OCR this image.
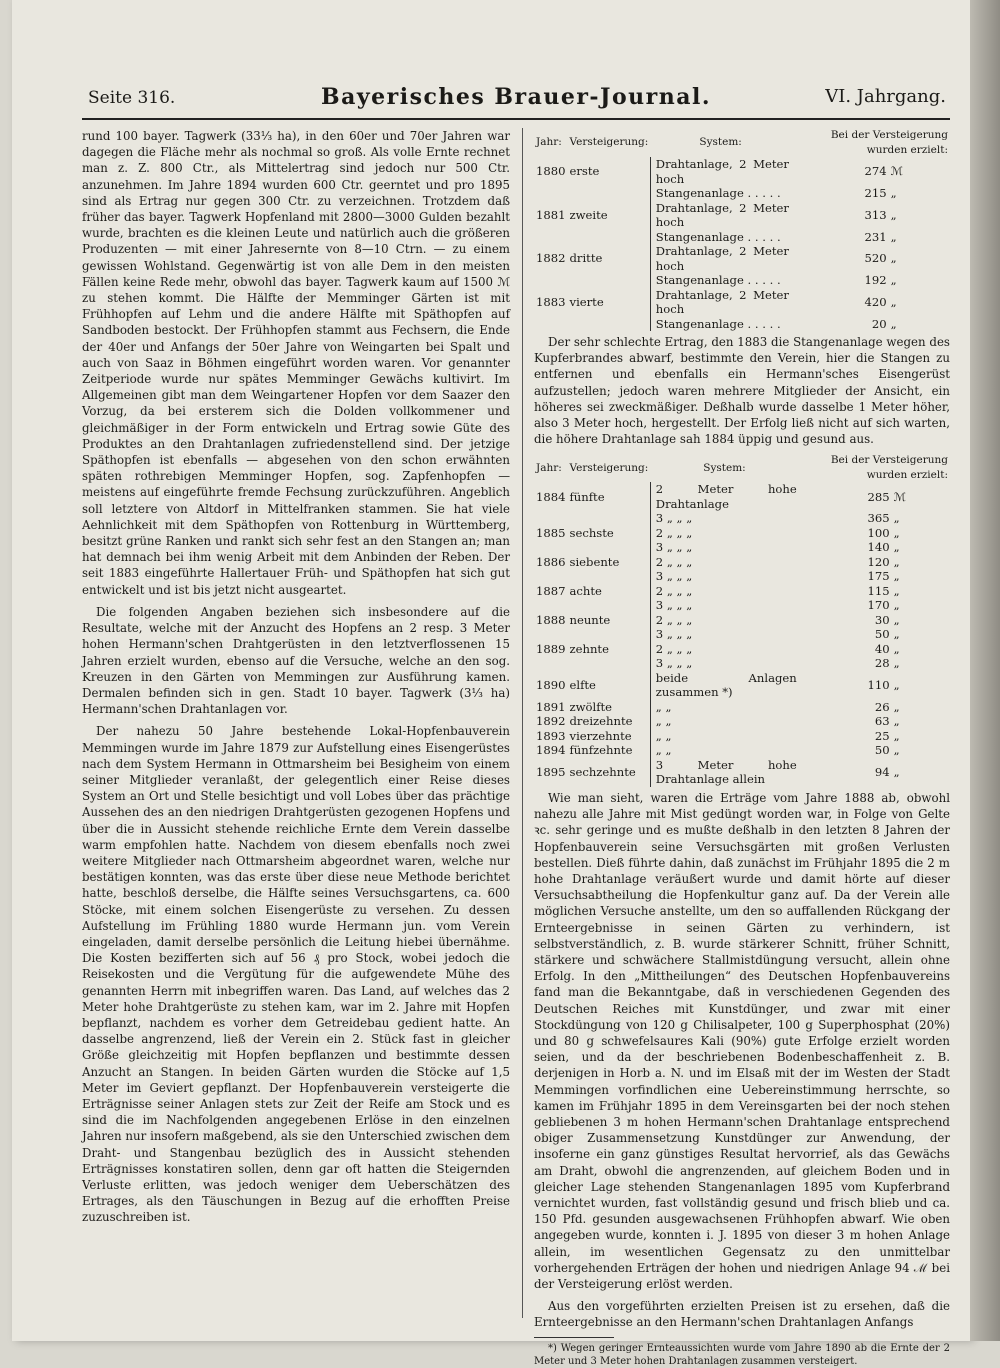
Seite 316.	Bayerisches Brauer-Journal.	VI. Jahrgang.

rund 100 bayer. Tagwerk (33⅓ ha), in den 60er und 70er Jahren war dagegen die Fläche mehr als nochmal so groß. Als volle Ernte rechnet man z. Z. 800 Ctr., als Mittelertrag sind jedoch nur 500 Ctr. anzunehmen. Im Jahre 1894 wurden 600 Ctr. geerntet und pro 1895 sind als Ertrag nur gegen 300 Ctr. zu verzeichnen. Trotzdem daß früher das bayer. Tagwerk Hopfenland mit 2800—3000 Gulden bezahlt wurde, brachten es die kleinen Leute und natürlich auch die größeren Produzenten — mit einer Jahresernte von 8—10 Ctrn. — zu einem gewissen Wohlstand. Gegenwärtig ist von alle Dem in den meisten Fällen keine Rede mehr, obwohl das bayer. Tagwerk kaum auf 1500 ℳ zu stehen kommt. Die Hälfte der Memminger Gärten ist mit Frühhopfen auf Lehm und die andere Hälfte mit Späthopfen auf Sandboden bestockt. Der Frühhopfen stammt aus Fechsern, die Ende der 40er und Anfangs der 50er Jahre von Weingarten bei Spalt und auch von Saaz in Böhmen eingeführt worden waren. Vor genannter Zeitperiode wurde nur spätes Memminger Gewächs kultivirt. Im Allgemeinen gibt man dem Weingartener Hopfen vor dem Saazer den Vorzug, da bei ersterem sich die Dolden vollkommener und gleichmäßiger in der Form entwickeln und Ertrag sowie Güte des Produktes an den Drahtanlagen zufriedenstellend sind. Der jetzige Späthopfen ist ebenfalls — abgesehen von den schon erwähnten späten rothrebigen Memminger Hopfen, sog. Zapfenhopfen — meistens auf eingeführte fremde Fechsung zurückzuführen. Angeblich soll letztere von Altdorf in Mittelfranken stammen. Sie hat viele Aehnlichkeit mit dem Späthopfen von Rottenburg in Württemberg, besitzt grüne Ranken und rankt sich sehr fest an den Stangen an; man hat demnach bei ihm wenig Arbeit mit dem Anbinden der Reben. Der seit 1883 eingeführte Hallertauer Früh- und Späthopfen hat sich gut entwickelt und ist bis jetzt nicht ausgeartet.

Die folgenden Angaben beziehen sich insbesondere auf die Resultate, welche mit der Anzucht des Hopfens an 2 resp. 3 Meter hohen Hermann'schen Drahtgerüsten in den letztverflossenen 15 Jahren erzielt wurden, ebenso auf die Versuche, welche an den sog. Kreuzen in den Gärten von Memmingen zur Ausführung kamen. Dermalen befinden sich in gen. Stadt 10 bayer. Tagwerk (3⅓ ha) Hermann'schen Drahtanlagen vor.

Der nahezu 50 Jahre bestehende Lokal-Hopfenbauverein Memmingen wurde im Jahre 1879 zur Aufstellung eines Eisengerüstes nach dem System Hermann in Ottmarsheim bei Besigheim von einem seiner Mitglieder veranlaßt, der gelegentlich einer Reise dieses System an Ort und Stelle besichtigt und voll Lobes über das prächtige Aussehen des an den niedrigen Drahtgerüsten gezogenen Hopfens und über die in Aussicht stehende reichliche Ernte dem Verein dasselbe warm empfohlen hatte. Nachdem von diesem ebenfalls noch zwei weitere Mitglieder nach Ottmarsheim abgeordnet waren, welche nur bestätigen konnten, was das erste über diese neue Methode berichtet hatte, beschloß derselbe, die Hälfte seines Versuchsgartens, ca. 600 Stöcke, mit einem solchen Eisengerüste zu versehen. Zu dessen Aufstellung im Frühling 1880 wurde Hermann jun. vom Verein eingeladen, damit derselbe persönlich die Leitung hiebei übernähme. Die Kosten bezifferten sich auf 56 ₰ pro Stock, wobei jedoch die Reisekosten und die Vergütung für die aufgewendete Mühe des genannten Herrn mit inbegriffen waren. Das Land, auf welches das 2 Meter hohe Drahtgerüste zu stehen kam, war im 2. Jahre mit Hopfen bepflanzt, nachdem es vorher dem Getreidebau gedient hatte. An dasselbe angrenzend, ließ der Verein ein 2. Stück fast in gleicher Größe gleichzeitig mit Hopfen bepflanzen und bestimmte dessen Anzucht an Stangen. In beiden Gärten wurden die Stöcke auf 1,5 Meter im Geviert gepflanzt. Der Hopfenbauverein versteigerte die Erträgnisse seiner Anlagen stets zur Zeit der Reife am Stock und es sind die im Nachfolgenden angegebenen Erlöse in den einzelnen Jahren nur insofern maßgebend, als sie den Unterschied zwischen dem Draht- und Stangenbau bezüglich des in Aussicht stehenden Erträgnisses konstatiren sollen, denn gar oft hatten die Steigernden Verluste erlitten, was jedoch weniger dem Ueberschätzen des Ertrages, als den Täuschungen in Bezug auf die erhofften Preise zuzuschreiben ist.

Jahr:	Versteigerung:	System:	Bei der Versteigerung wurden erzielt:	
1880	erste	Drahtanlage, 2 Meter hoch	274	ℳ
		Stangenanlage . . . . .	215	„
1881	zweite	Drahtanlage, 2 Meter hoch	313	„
		Stangenanlage . . . . .	231	„
1882	dritte	Drahtanlage, 2 Meter hoch	520	„
		Stangenanlage . . . . .	192	„
1883	vierte	Drahtanlage, 2 Meter hoch	420	„
		Stangenanlage . . . . .	20	„

Der sehr schlechte Ertrag, den 1883 die Stangenanlage wegen des Kupferbrandes abwarf, bestimmte den Verein, hier die Stangen zu entfernen und ebenfalls ein Hermann'sches Eisengerüst aufzustellen; jedoch waren mehrere Mitglieder der Ansicht, ein höheres sei zweckmäßiger. Deßhalb wurde dasselbe 1 Meter höher, also 3 Meter hoch, hergestellt. Der Erfolg ließ nicht auf sich warten, die höhere Drahtanlage sah 1884 üppig und gesund aus.

Jahr:	Versteigerung:	System:	Bei der Versteigerung wurden erzielt:	
1884	fünfte	2 Meter hohe Drahtanlage	285	ℳ
		3 „ „ „	365	„
1885	sechste	2 „ „ „	100	„
		3 „ „ „	140	„
1886	siebente	2 „ „ „	120	„
		3 „ „ „	175	„
1887	achte	2 „ „ „	115	„
		3 „ „ „	170	„
1888	neunte	2 „ „ „	30	„
		3 „ „ „	50	„
1889	zehnte	2 „ „ „	40	„
		3 „ „ „	28	„
1890	elfte	beide Anlagen zusammen *)	110	„
1891	zwölfte	„ „	26	„
1892	dreizehnte	„ „	63	„
1893	vierzehnte	„ „	25	„
1894	fünfzehnte	„ „	50	„
1895	sechzehnte	3 Meter hohe Drahtanlage allein	94	„

Wie man sieht, waren die Erträge vom Jahre 1888 ab, obwohl nahezu alle Jahre mit Mist gedüngt worden war, in Folge von Gelte ꝛc. sehr geringe und es mußte deßhalb in den letzten 8 Jahren der Hopfenbauverein seine Versuchsgärten mit großen Verlusten bestellen. Dieß führte dahin, daß zunächst im Frühjahr 1895 die 2 m hohe Drahtanlage veräußert wurde und damit hörte auf dieser Versuchsabtheilung die Hopfenkultur ganz auf. Da der Verein alle möglichen Versuche anstellte, um den so auffallenden Rückgang der Ernteergebnisse in seinen Gärten zu verhindern, ist selbstverständlich, z. B. wurde stärkerer Schnitt, früher Schnitt, stärkere und schwächere Stallmistdüngung versucht, allein ohne Erfolg. In den „Mittheilungen“ des Deutschen Hopfenbauvereins fand man die Bekanntgabe, daß in verschiedenen Gegenden des Deutschen Reiches mit Kunstdünger, und zwar mit einer Stockdüngung von 120 g Chilisalpeter, 100 g Superphosphat (20%) und 80 g schwefelsaures Kali (90%) gute Erfolge erzielt worden seien, und da der beschriebenen Bodenbeschaffenheit z. B. derjenigen in Horb a. N. und im Elsaß mit der im Westen der Stadt Memmingen vorfindlichen eine Uebereinstimmung herrschte, so kamen im Frühjahr 1895 in dem Vereinsgarten bei der noch stehen gebliebenen 3 m hohen Hermann'schen Drahtanlage entsprechend obiger Zusammensetzung Kunstdünger zur Anwendung, der insoferne ein ganz günstiges Resultat hervorrief, als das Gewächs am Draht, obwohl die angrenzenden, auf gleichem Boden und in gleicher Lage stehenden Stangenanlagen 1895 vom Kupferbrand vernichtet wurden, fast vollständig gesund und frisch blieb und ca. 150 Pfd. gesunden ausgewachsenen Frühhopfen abwarf. Wie oben angegeben wurde, konnten i. J. 1895 von dieser 3 m hohen Anlage allein, im wesentlichen Gegensatz zu den unmittelbar vorhergehenden Erträgen der hohen und niedrigen Anlage 94 ℳ bei der Versteigerung erlöst werden.

Aus den vorgeführten erzielten Preisen ist zu ersehen, daß die Ernteergebnisse an den Hermann'schen Drahtanlagen Anfangs

*) Wegen geringer Ernteaussichten wurde vom Jahre 1890 ab die Ernte der 2 Meter und 3 Meter hohen Drahtanlagen zusammen versteigert.
